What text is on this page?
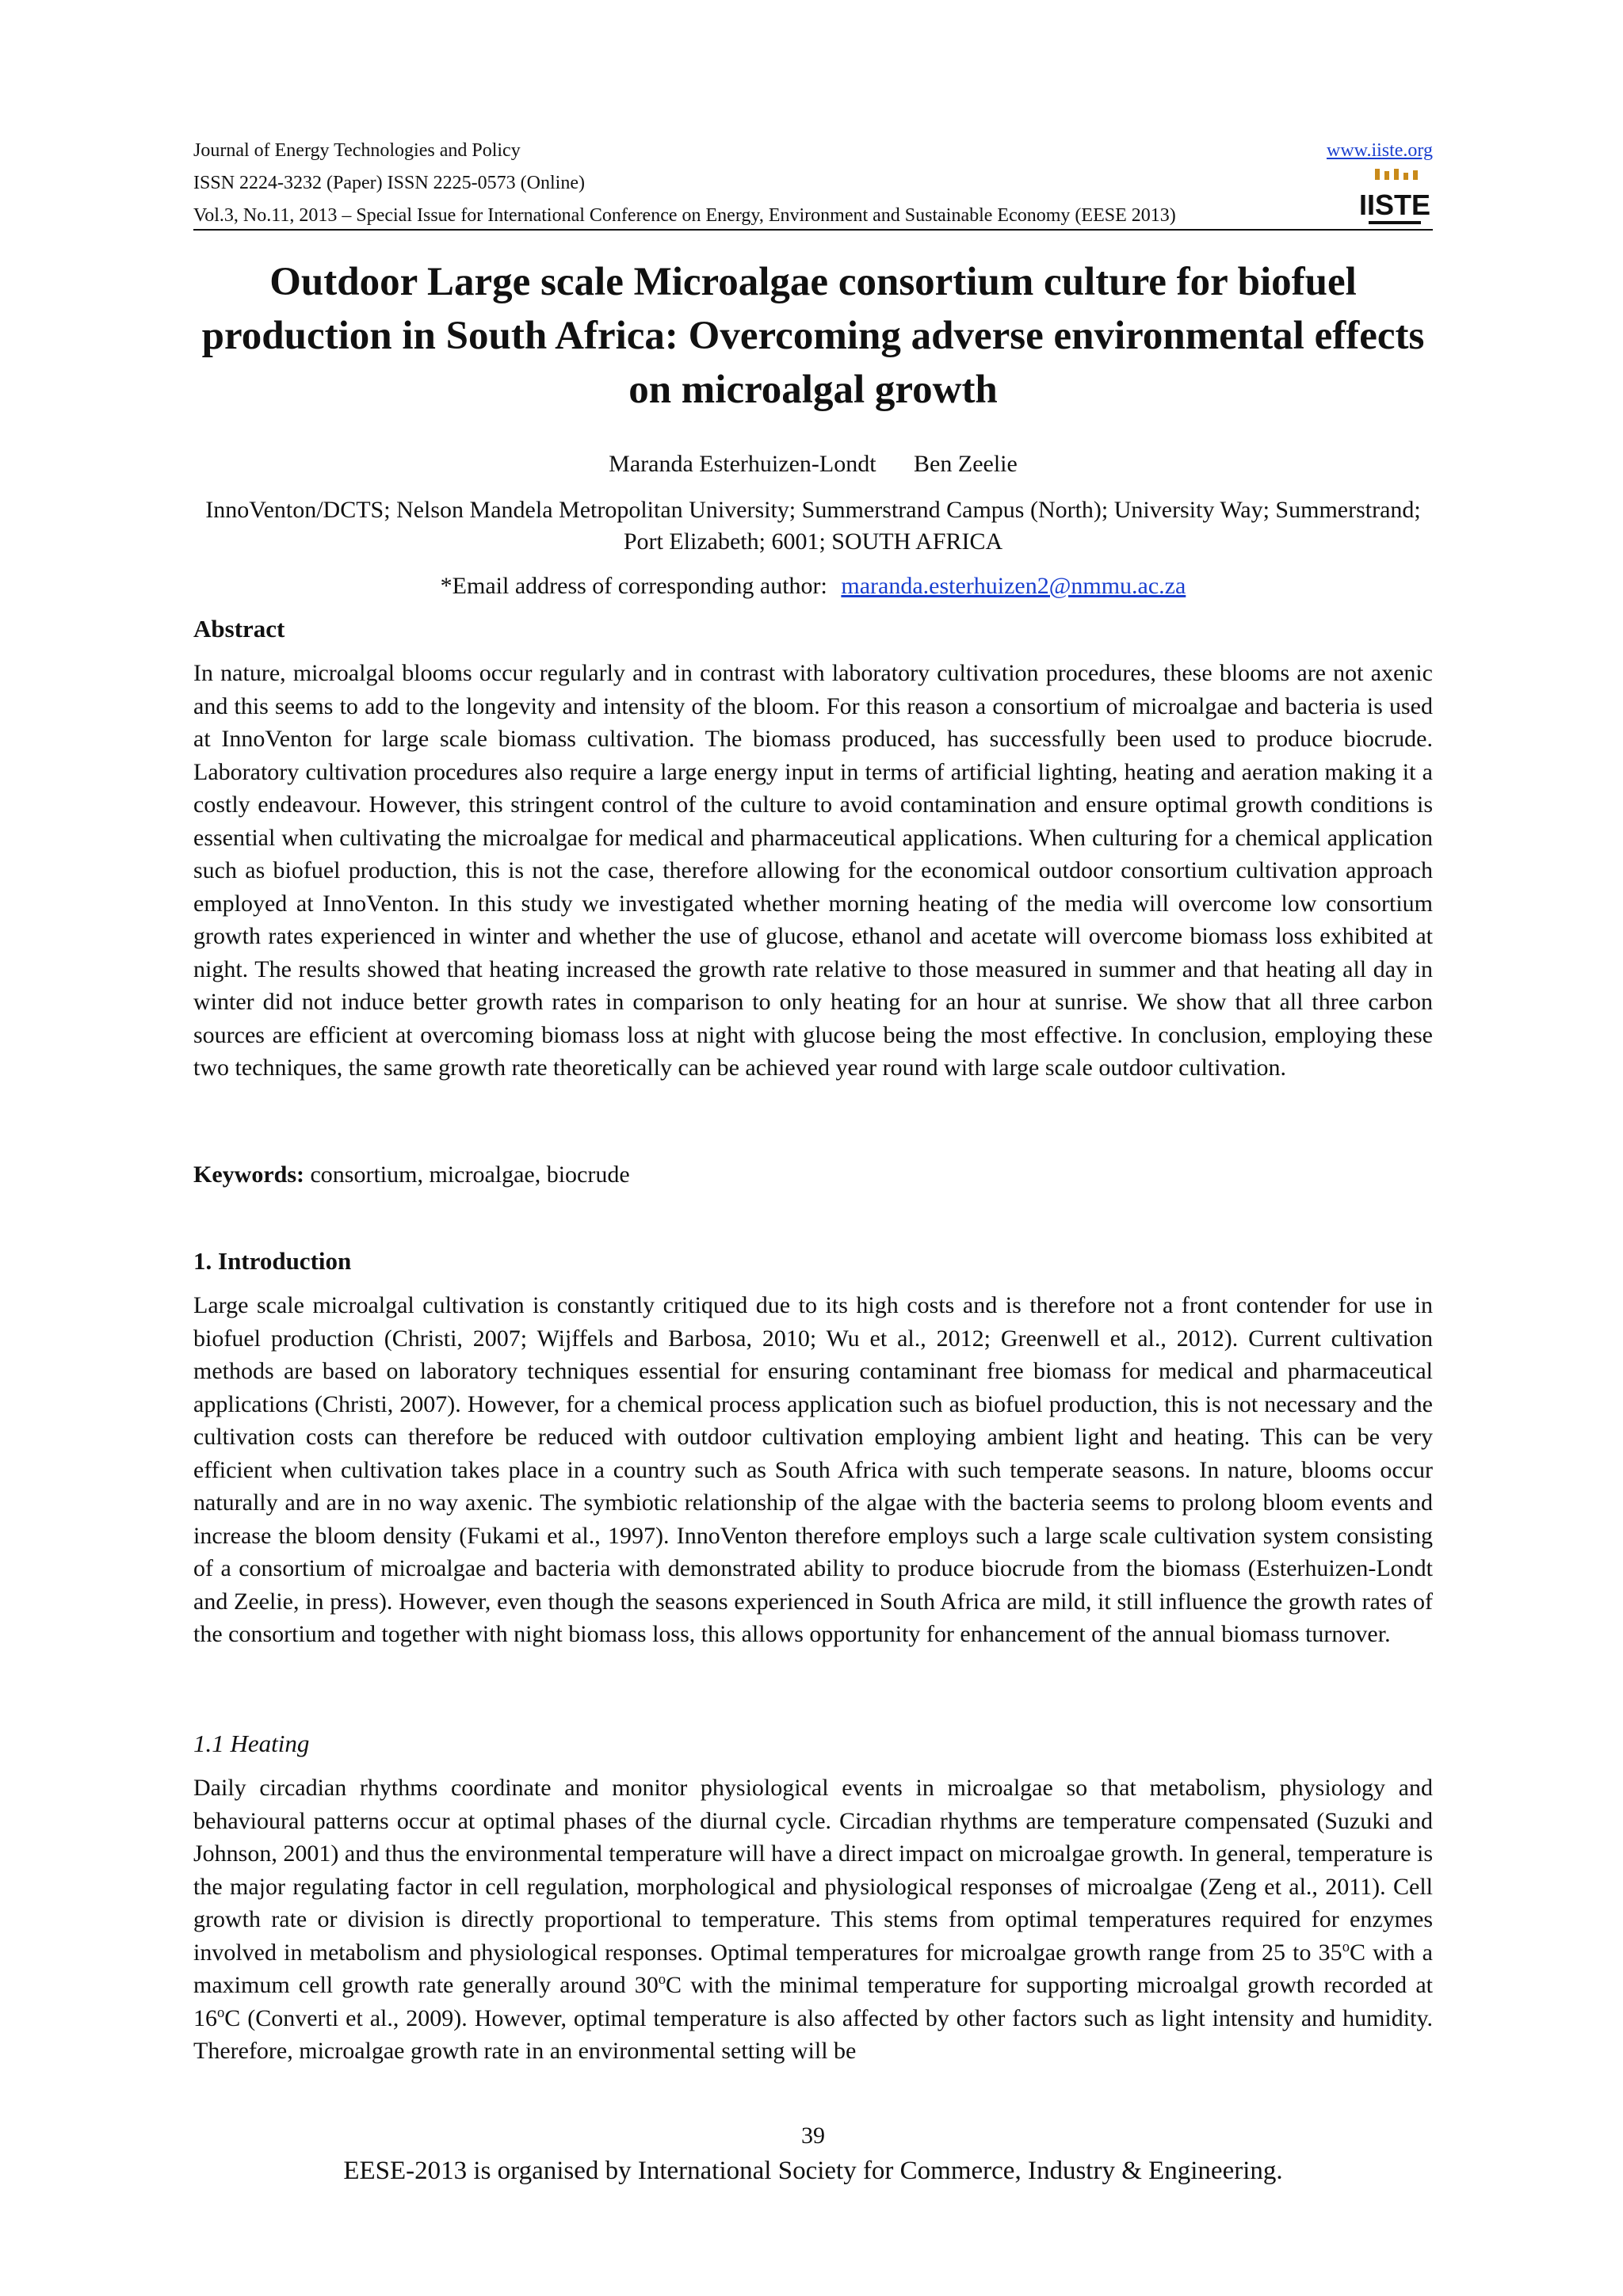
Journal of Energy Technologies and Policy	www.iiste.org
ISSN 2224-3232 (Paper) ISSN 2225-0573 (Online)
Vol.3, No.11, 2013 – Special Issue for International Conference on Energy, Environment and Sustainable Economy (EESE 2013)	IISTE
Outdoor Large scale Microalgae consortium culture for biofuel production in South Africa: Overcoming adverse environmental effects on microalgal growth
Maranda Esterhuizen-Londt Ben Zeelie
InnoVenton/DCTS; Nelson Mandela Metropolitan University; Summerstrand Campus (North); University Way; Summerstrand; Port Elizabeth; 6001; SOUTH AFRICA
*Email address of corresponding author: maranda.esterhuizen2@nmmu.ac.za
Abstract

In nature, microalgal blooms occur regularly and in contrast with laboratory cultivation procedures, these blooms are not axenic and this seems to add to the longevity and intensity of the bloom. For this reason a consortium of microalgae and bacteria is used at InnoVenton for large scale biomass cultivation. The biomass produced, has successfully been used to produce biocrude. Laboratory cultivation procedures also require a large energy input in terms of artificial lighting, heating and aeration making it a costly endeavour. However, this stringent control of the culture to avoid contamination and ensure optimal growth conditions is essential when cultivating the microalgae for medical and pharmaceutical applications. When culturing for a chemical application such as biofuel production, this is not the case, therefore allowing for the economical outdoor consortium cultivation approach employed at InnoVenton. In this study we investigated whether morning heating of the media will overcome low consortium growth rates experienced in winter and whether the use of glucose, ethanol and acetate will overcome biomass loss exhibited at night. The results showed that heating increased the growth rate relative to those measured in summer and that heating all day in winter did not induce better growth rates in comparison to only heating for an hour at sunrise. We show that all three carbon sources are efficient at overcoming biomass loss at night with glucose being the most effective. In conclusion, employing these two techniques, the same growth rate theoretically can be achieved year round with large scale outdoor cultivation.

Keywords: consortium, microalgae, biocrude
1. Introduction

Large scale microalgal cultivation is constantly critiqued due to its high costs and is therefore not a front contender for use in biofuel production (Christi, 2007; Wijffels and Barbosa, 2010; Wu et al., 2012; Greenwell et al., 2012). Current cultivation methods are based on laboratory techniques essential for ensuring contaminant free biomass for medical and pharmaceutical applications (Christi, 2007). However, for a chemical process application such as biofuel production, this is not necessary and the cultivation costs can therefore be reduced with outdoor cultivation employing ambient light and heating. This can be very efficient when cultivation takes place in a country such as South Africa with such temperate seasons. In nature, blooms occur naturally and are in no way axenic. The symbiotic relationship of the algae with the bacteria seems to prolong bloom events and increase the bloom density (Fukami et al., 1997). InnoVenton therefore employs such a large scale cultivation system consisting of a consortium of microalgae and bacteria with demonstrated ability to produce biocrude from the biomass (Esterhuizen-Londt and Zeelie, in press). However, even though the seasons experienced in South Africa are mild, it still influence the growth rates of the consortium and together with night biomass loss, this allows opportunity for enhancement of the annual biomass turnover.

1.1 Heating

Daily circadian rhythms coordinate and monitor physiological events in microalgae so that metabolism, physiology and behavioural patterns occur at optimal phases of the diurnal cycle. Circadian rhythms are temperature compensated (Suzuki and Johnson, 2001) and thus the environmental temperature will have a direct impact on microalgae growth. In general, temperature is the major regulating factor in cell regulation, morphological and physiological responses of microalgae (Zeng et al., 2011). Cell growth rate or division is directly proportional to temperature. This stems from optimal temperatures required for enzymes involved in metabolism and physiological responses. Optimal temperatures for microalgae growth range from 25 to 35$^o$C with a maximum cell growth rate generally around 30$^o$C with the minimal temperature for supporting microalgal growth recorded at 16$^o$C (Converti et al., 2009). However, optimal temperature is also affected by other factors such as light intensity and humidity. Therefore, microalgae growth rate in an environmental setting will be

39
EESE-2013 is organised by International Society for Commerce, Industry & Engineering.
